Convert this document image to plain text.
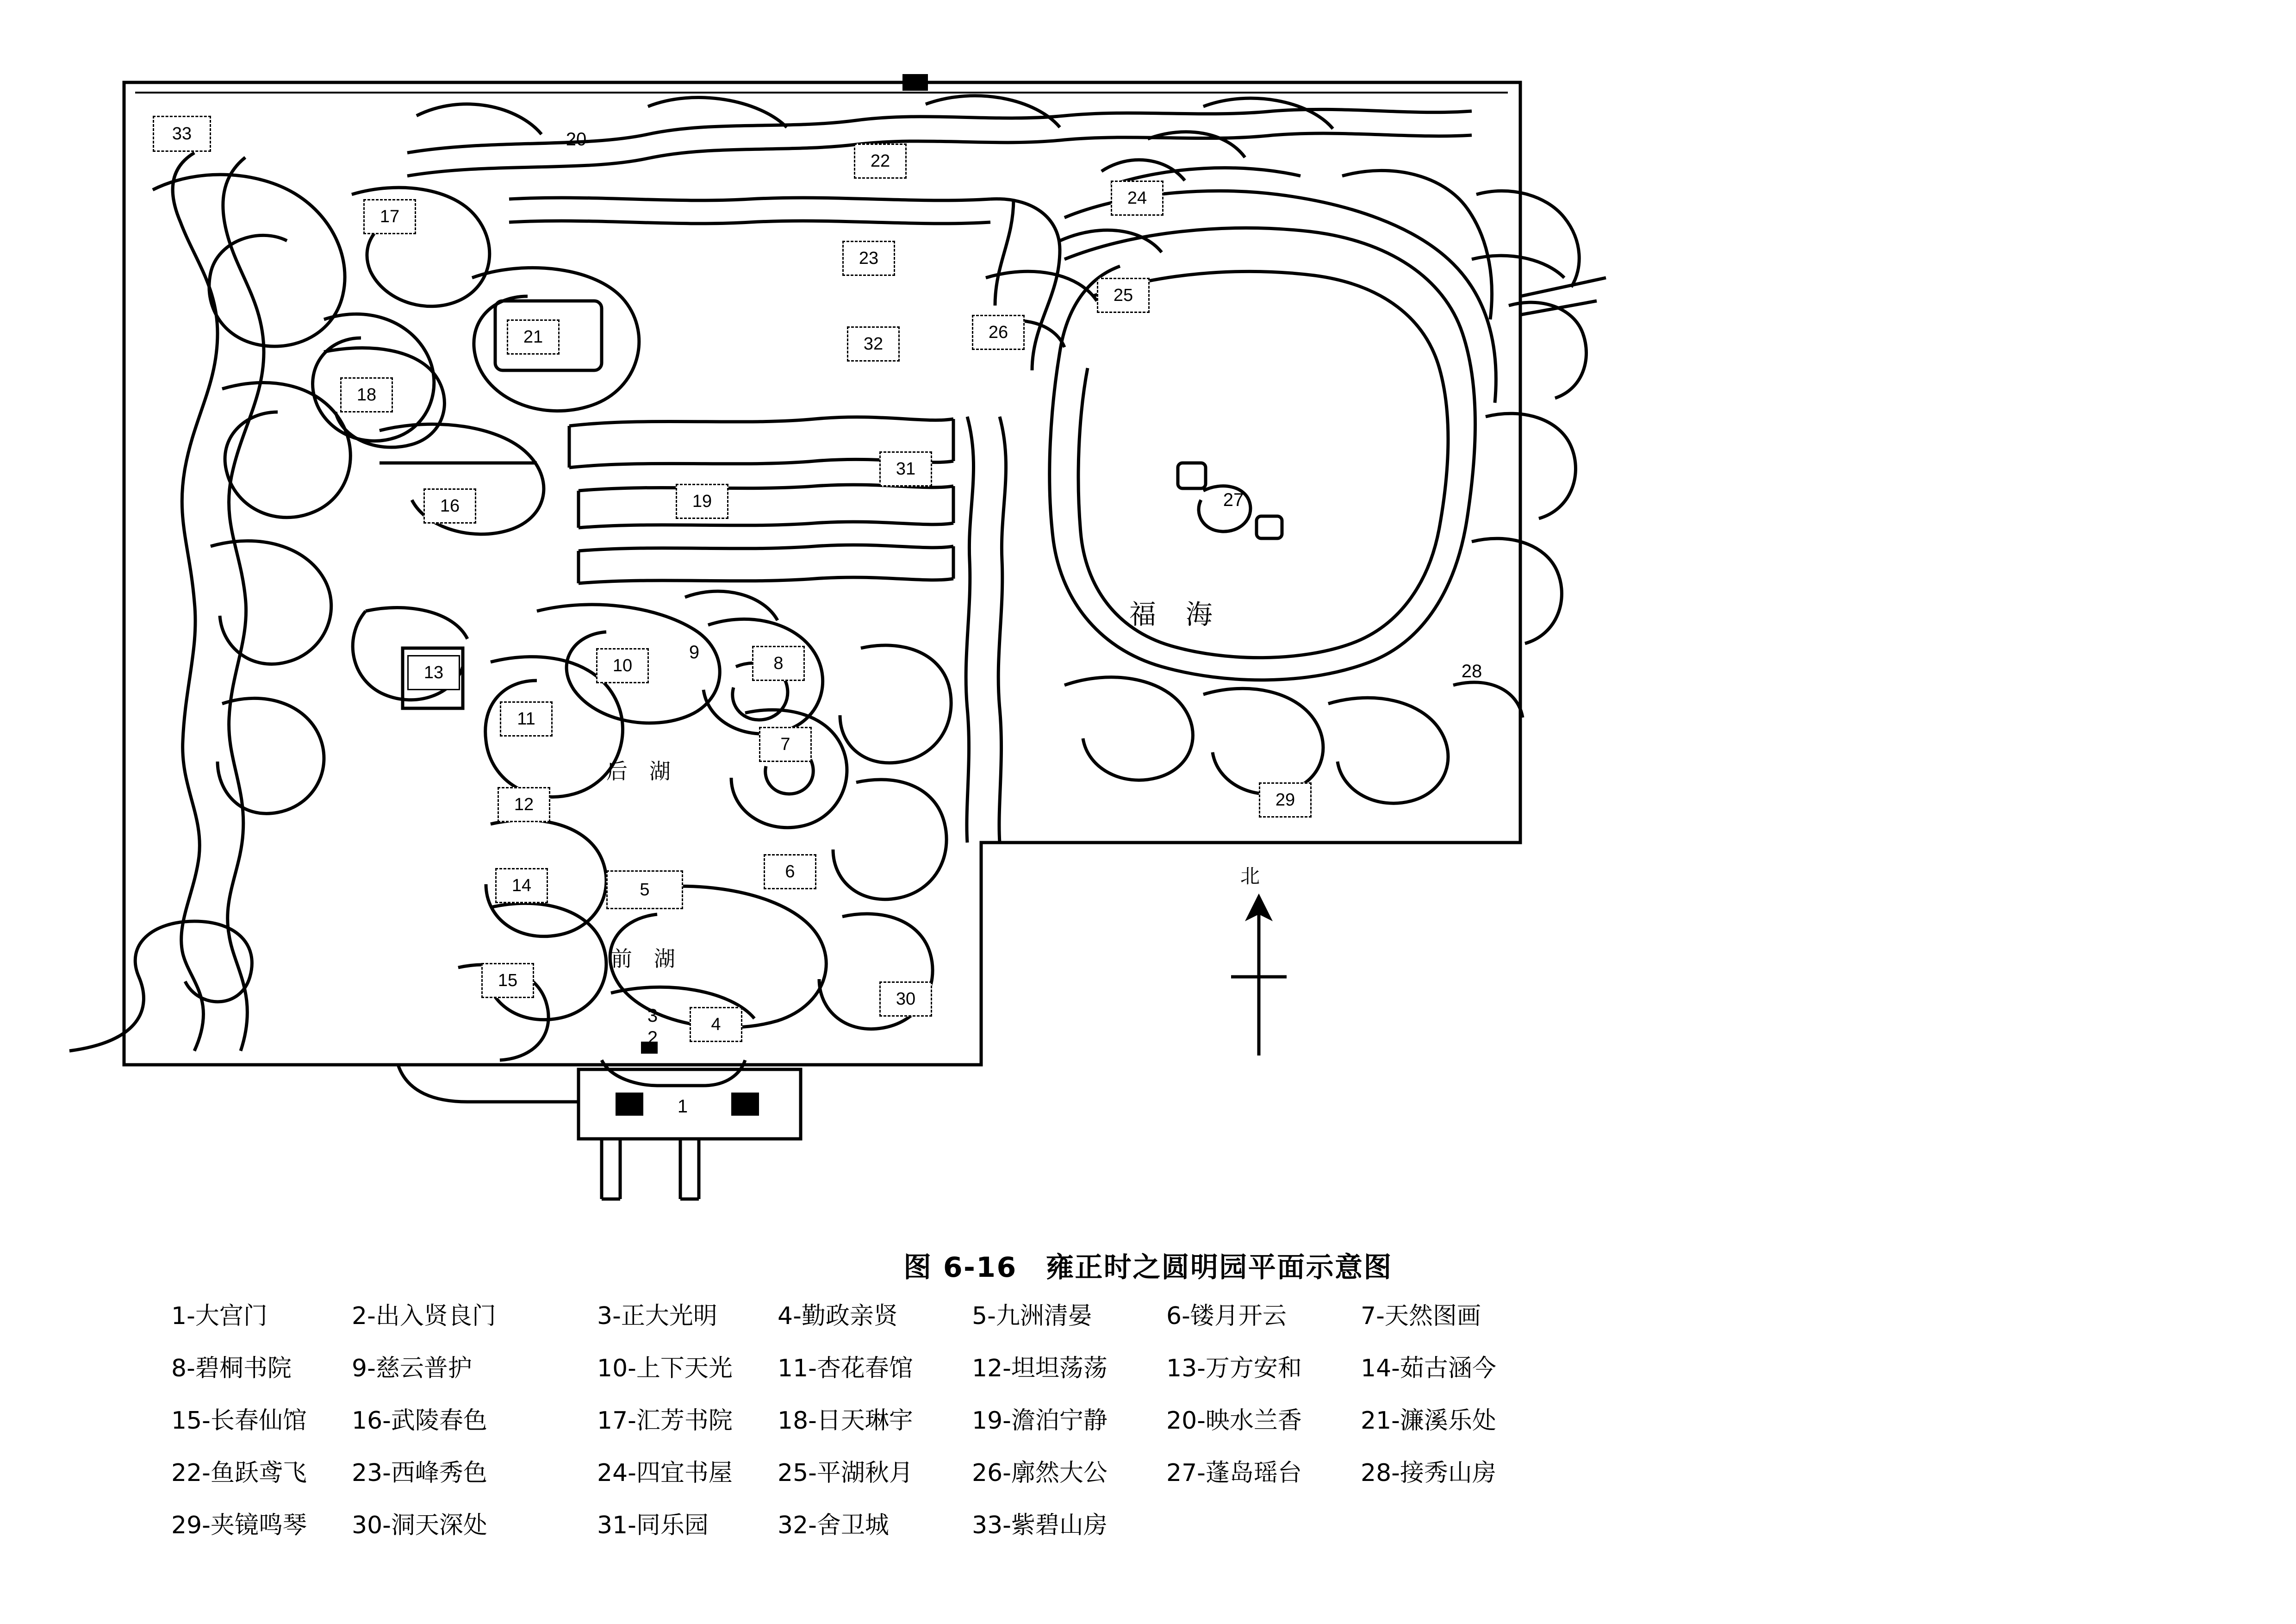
33	20
22
24
17
23
25
21	32
26
18
16	19
31
27
13	10
9
8	28
11
7
12	29
14	5
6
15
30
3
2
4
1
福海
后 湖
前 湖
北
图 6-16　雍正时之圆明园平面示意图
1-大宫门	2-出入贤良门	3-正大光明	4-勤政亲贤	5-九洲清晏	6-镂月开云	7-天然图画
8-碧桐书院	9-慈云普护	10-上下天光	11-杏花春馆	12-坦坦荡荡	13-万方安和	14-茹古涵今
15-长春仙馆	16-武陵春色	17-汇芳书院	18-日天琳宇	19-澹泊宁静	20-映水兰香	21-濂溪乐处
22-鱼跃鸢飞	23-西峰秀色	24-四宜书屋	25-平湖秋月	26-廓然大公	27-蓬岛瑶台	28-接秀山房
29-夹镜鸣琴	30-洞天深处	31-同乐园	32-舍卫城	33-紫碧山房
